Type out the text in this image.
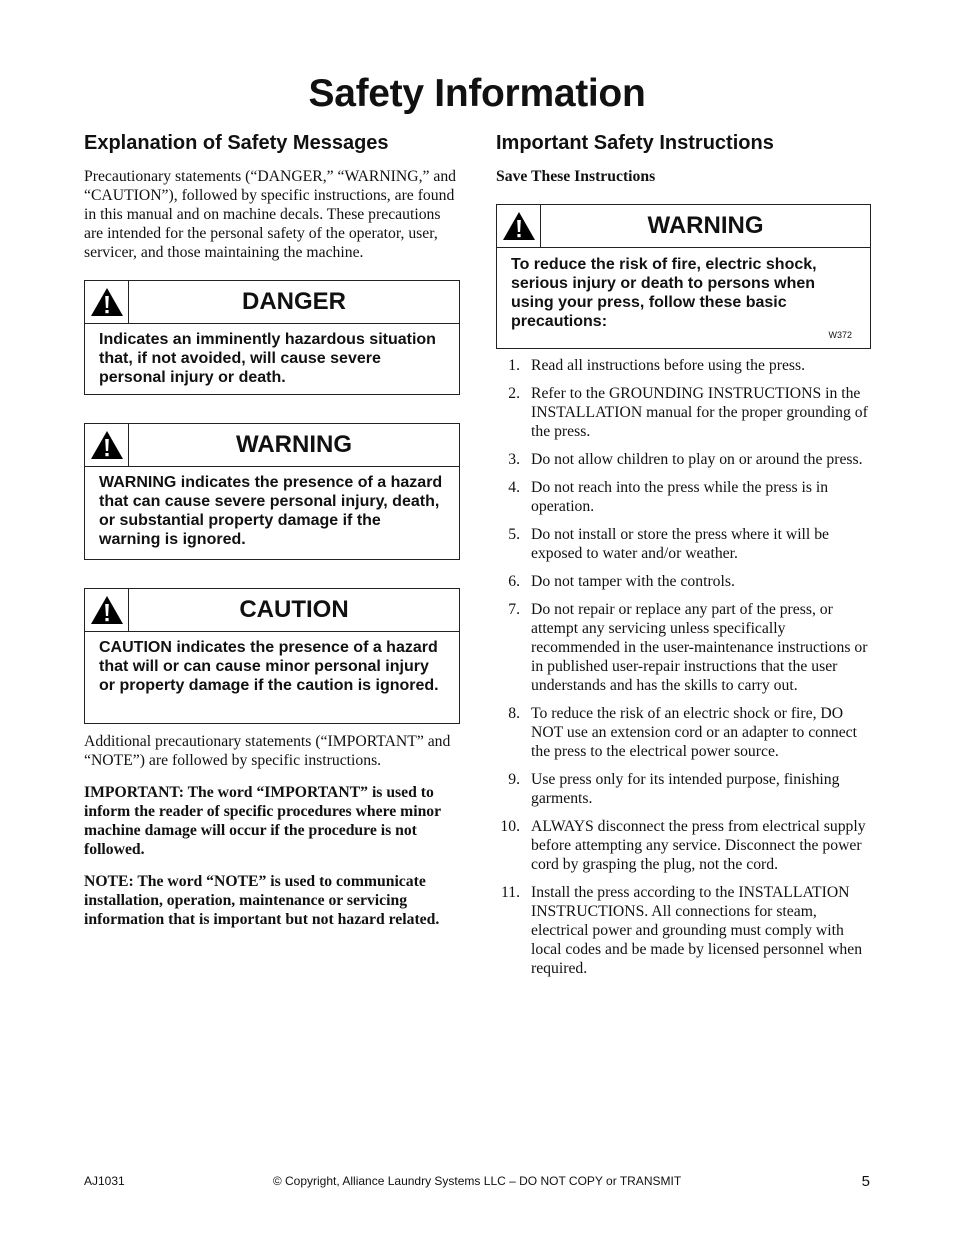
Safety Information
Explanation of Safety Messages

Precautionary statements (“DANGER,” “WARNING,” and “CAUTION”), followed by specific instructions, are found in this manual and on machine decals. These precautions are intended for the personal safety of the operator, user, servicer, and those maintaining the machine.

DANGER
Indicates an imminently hazardous situation that, if not avoided, will cause severe personal injury or death.
WARNING
WARNING indicates the presence of a hazard that can cause severe personal injury, death, or substantial property damage if the warning is ignored.
CAUTION
CAUTION indicates the presence of a hazard that will or can cause minor personal injury or property damage if the caution is ignored.

Additional precautionary statements (“IMPORTANT” and “NOTE”) are followed by specific instructions.

IMPORTANT: The word “IMPORTANT” is used to inform the reader of specific procedures where minor machine damage will occur if the procedure is not followed.

NOTE: The word “NOTE” is used to communicate installation, operation, maintenance or servicing information that is important but not hazard related.

Important Safety Instructions

Save These Instructions

WARNING
To reduce the risk of fire, electric shock, serious injury or death to persons when using your press, follow these basic precautions:
W372
1. Read all instructions before using the press.
2. Refer to the GROUNDING INSTRUCTIONS in the INSTALLATION manual for the proper grounding of the press.
3. Do not allow children to play on or around the press.
4. Do not reach into the press while the press is in operation.
5. Do not install or store the press where it will be exposed to water and/or weather.
6. Do not tamper with the controls.
7. Do not repair or replace any part of the press, or attempt any servicing unless specifically recommended in the user-maintenance instructions or in published user-repair instructions that the user understands and has the skills to carry out.
8. To reduce the risk of an electric shock or fire, DO NOT use an extension cord or an adapter to connect the press to the electrical power source.
9. Use press only for its intended purpose, finishing garments.
10. ALWAYS disconnect the press from electrical supply before attempting any service. Disconnect the power cord by grasping the plug, not the cord.
11. Install the press according to the INSTALLATION INSTRUCTIONS. All connections for steam, electrical power and grounding must comply with local codes and be made by licensed personnel when required.
AJ1031	© Copyright, Alliance Laundry Systems LLC – DO NOT COPY or TRANSMIT	5
